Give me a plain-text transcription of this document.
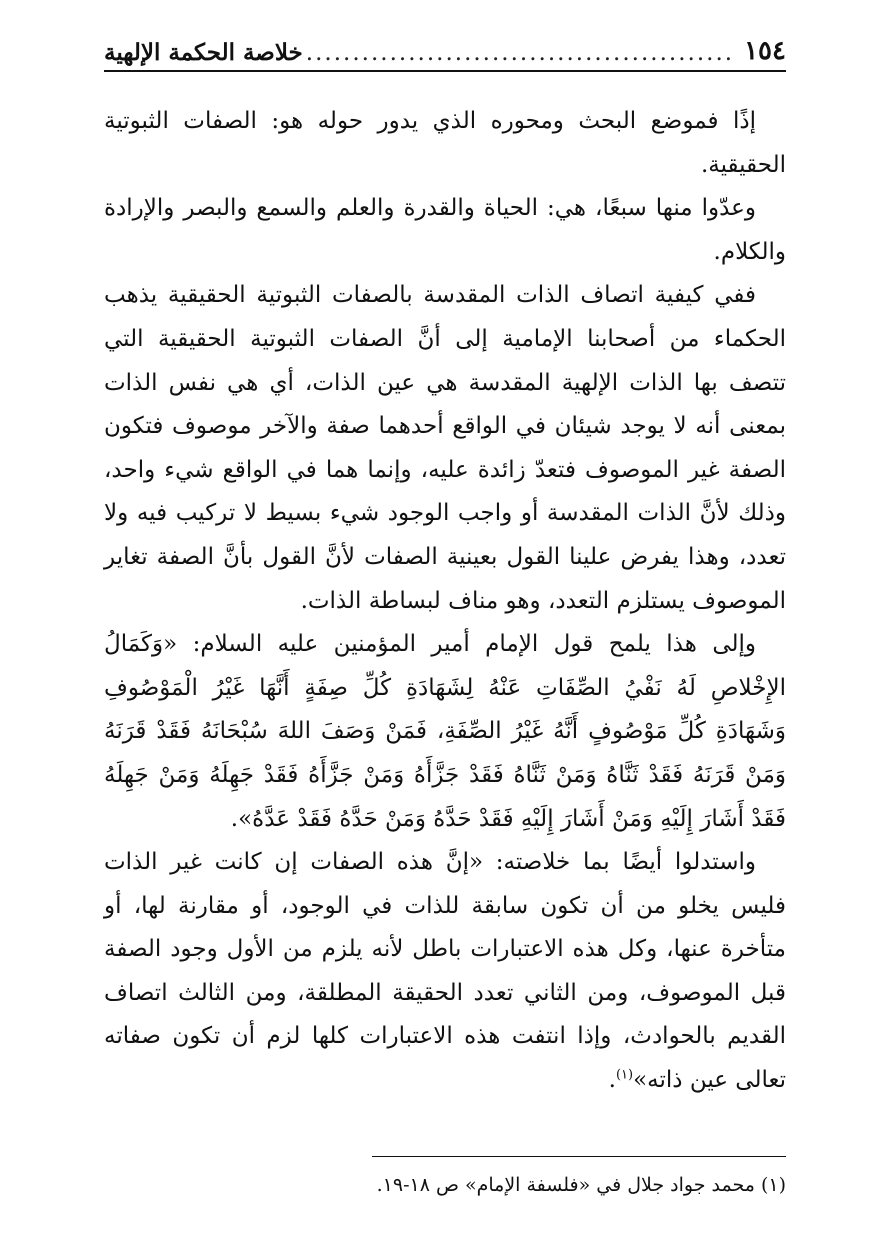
١٥٤
.....
خلاصة الحكمة الإلهية

إذًا فموضع البحث ومحوره الذي يدور حوله هو: الصفات الثبوتية الحقيقية.

وعدّوا منها سبعًا، هي: الحياة والقدرة والعلم والسمع والبصر والإرادة والكلام.

ففي كيفية اتصاف الذات المقدسة بالصفات الثبوتية الحقيقية يذهب الحكماء من أصحابنا الإمامية إلى أنَّ الصفات الثبوتية الحقيقية التي تتصف بها الذات الإلهية المقدسة هي عين الذات، أي هي نفس الذات بمعنى أنه لا يوجد شيئان في الواقع أحدهما صفة والآخر موصوف فتكون الصفة غير الموصوف فتعدّ زائدة عليه، وإنما هما في الواقع شيء واحد، وذلك لأنَّ الذات المقدسة أو واجب الوجود شيء بسيط لا تركيب فيه ولا تعدد، وهذا يفرض علينا القول بعينية الصفات لأنَّ القول بأنَّ الصفة تغاير الموصوف يستلزم التعدد، وهو مناف لبساطة الذات.

وإلى هذا يلمح قول الإمام أمير المؤمنين عليه السلام: «وَكَمَالُ الإِخْلاصِ لَهُ نَفْيُ الصِّفَاتِ عَنْهُ لِشَهَادَةِ كُلِّ صِفَةٍ أَنَّهَا غَيْرُ الْمَوْصُوفِ وَشَهَادَةِ كُلِّ مَوْصُوفٍ أَنَّهُ غَيْرُ الصِّفَةِ، فَمَنْ وَصَفَ اللهَ سُبْحَانَهُ فَقَدْ قَرَنَهُ وَمَنْ قَرَنَهُ فَقَدْ ثَنَّاهُ وَمَنْ ثَنَّاهُ فَقَدْ جَزَّأَهُ وَمَنْ جَزَّأَهُ فَقَدْ جَهِلَهُ وَمَنْ جَهِلَهُ فَقَدْ أَشَارَ إِلَيْهِ وَمَنْ أَشَارَ إِلَيْهِ فَقَدْ حَدَّهُ وَمَنْ حَدَّهُ فَقَدْ عَدَّهُ».

واستدلوا أيضًا بما خلاصته: «إنَّ هذه الصفات إن كانت غير الذات فليس يخلو من أن تكون سابقة للذات في الوجود، أو مقارنة لها، أو متأخرة عنها، وكل هذه الاعتبارات باطل لأنه يلزم من الأول وجود الصفة قبل الموصوف، ومن الثاني تعدد الحقيقة المطلقة، ومن الثالث اتصاف القديم بالحوادث، وإذا انتفت هذه الاعتبارات كلها لزم أن تكون صفاته تعالى عين ذاته»$^{(١)}$.

(١) محمد جواد جلال في «فلسفة الإمام» ص ١٨-١٩.
